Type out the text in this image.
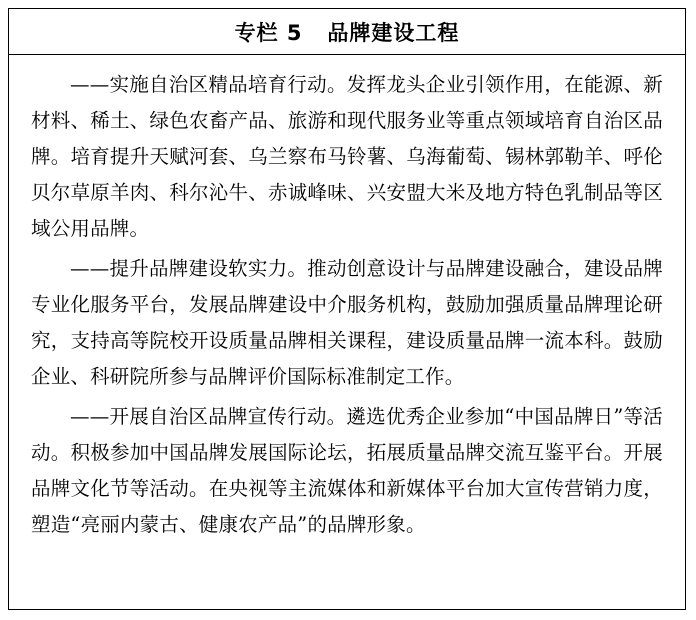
专栏 5   品牌建设工程

——实施自治区精品培育行动。发挥龙头企业引领作用，在能源、新材料、稀土、绿色农畜产品、旅游和现代服务业等重点领域培育自治区品牌。培育提升天赋河套、乌兰察布马铃薯、乌海葡萄、锡林郭勒羊、呼伦贝尔草原羊肉、科尔沁牛、赤诚峰味、兴安盟大米及地方特色乳制品等区域公用品牌。

——提升品牌建设软实力。推动创意设计与品牌建设融合，建设品牌专业化服务平台，发展品牌建设中介服务机构，鼓励加强质量品牌理论研究，支持高等院校开设质量品牌相关课程，建设质量品牌一流本科。鼓励企业、科研院所参与品牌评价国际标准制定工作。

——开展自治区品牌宣传行动。遴选优秀企业参加“中国品牌日”等活动。积极参加中国品牌发展国际论坛，拓展质量品牌交流互鉴平台。开展品牌文化节等活动。在央视等主流媒体和新媒体平台加大宣传营销力度，塑造“亮丽内蒙古、健康农产品”的品牌形象。
